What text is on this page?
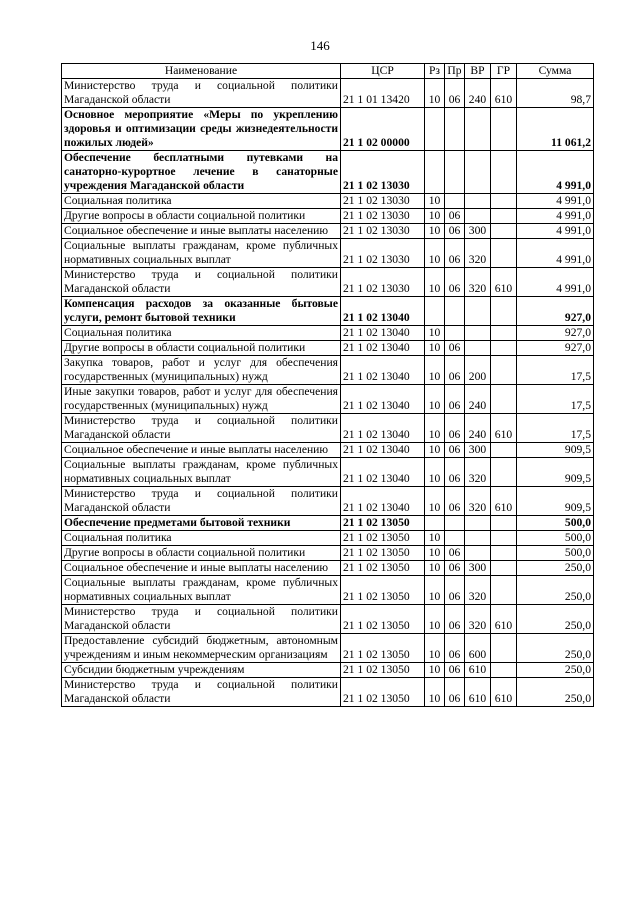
146
Наименование	ЦСР	Рз	Пр	ВР	ГР	Сумма
Министерство труда и социальной политики Магаданской области	21 1 01 13420	10	06	240	610	98,7
Основное мероприятие «Меры по укреплению здоровья и оптимизации среды жизнедеятельности пожилых людей»	21 1 02 00000					11 061,2
Обеспечение бесплатными путевками на санаторно-курортное лечение в санаторные учреждения Магаданской области	21 1 02 13030					4 991,0
Социальная политика	21 1 02 13030	10				4 991,0
Другие вопросы в области социальной политики	21 1 02 13030	10	06			4 991,0
Социальное обеспечение и иные выплаты населению	21 1 02 13030	10	06	300		4 991,0
Социальные выплаты гражданам, кроме публичных нормативных социальных выплат	21 1 02 13030	10	06	320		4 991,0
Министерство труда и социальной политики Магаданской области	21 1 02 13030	10	06	320	610	4 991,0
Компенсация расходов за оказанные бытовые услуги, ремонт бытовой техники	21 1 02 13040					927,0
Социальная политика	21 1 02 13040	10				927,0
Другие вопросы в области социальной политики	21 1 02 13040	10	06			927,0
Закупка товаров, работ и услуг для обеспечения государственных (муниципальных) нужд	21 1 02 13040	10	06	200		17,5
Иные закупки товаров, работ и услуг для обеспечения государственных (муниципальных) нужд	21 1 02 13040	10	06	240		17,5
Министерство труда и социальной политики Магаданской области	21 1 02 13040	10	06	240	610	17,5
Социальное обеспечение и иные выплаты населению	21 1 02 13040	10	06	300		909,5
Социальные выплаты гражданам, кроме публичных нормативных социальных выплат	21 1 02 13040	10	06	320		909,5
Министерство труда и социальной политики Магаданской области	21 1 02 13040	10	06	320	610	909,5
Обеспечение предметами бытовой техники	21 1 02 13050					500,0
Социальная политика	21 1 02 13050	10				500,0
Другие вопросы в области социальной политики	21 1 02 13050	10	06			500,0
Социальное обеспечение и иные выплаты населению	21 1 02 13050	10	06	300		250,0
Социальные выплаты гражданам, кроме публичных нормативных социальных выплат	21 1 02 13050	10	06	320		250,0
Министерство труда и социальной политики Магаданской области	21 1 02 13050	10	06	320	610	250,0
Предоставление субсидий бюджетным, автономным учреждениям и иным некоммерческим организациям	21 1 02 13050	10	06	600		250,0
Субсидии бюджетным учреждениям	21 1 02 13050	10	06	610		250,0
Министерство труда и социальной политики Магаданской области	21 1 02 13050	10	06	610	610	250,0
